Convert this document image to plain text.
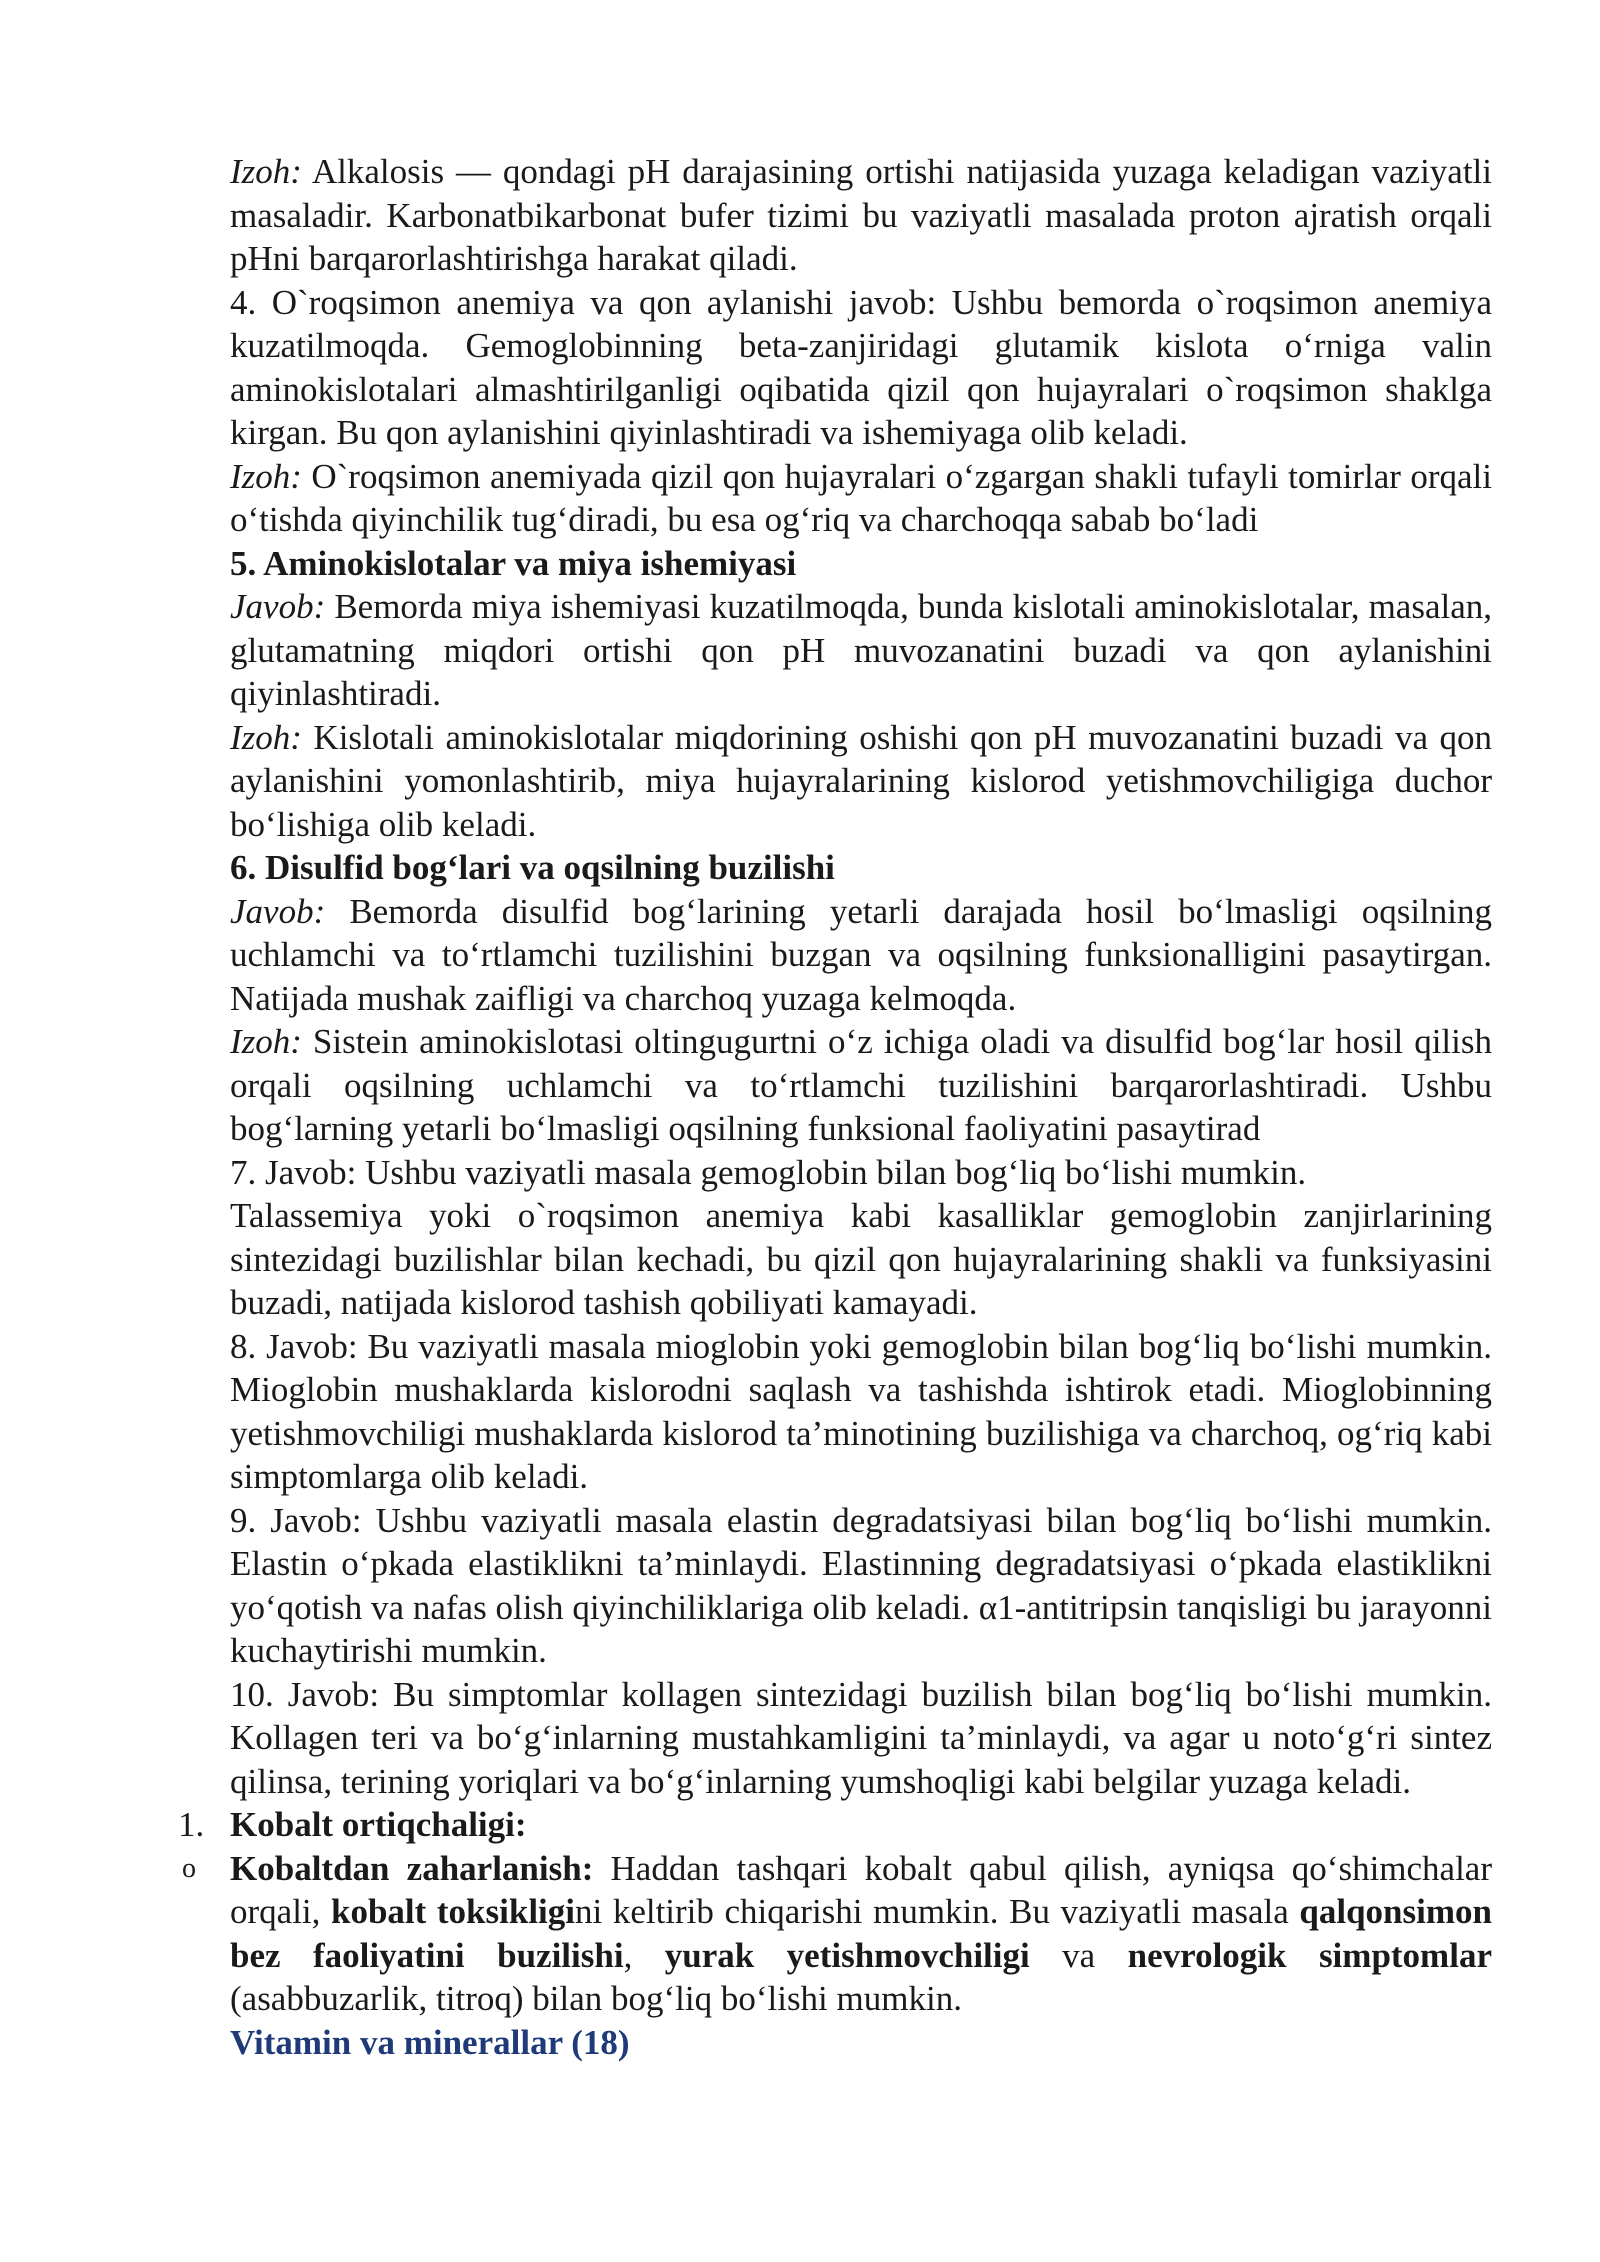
Izoh: Alkalosis — qondagi pH darajasining ortishi natijasida yuzaga keladigan vaziyatli masaladir. Karbonatbikarbonat bufer tizimi bu vaziyatli masalada proton ajratish orqali pHni barqarorlashtirishga harakat qiladi.

4. O`roqsimon anemiya va qon aylanishi javob: Ushbu bemorda o`roqsimon anemiya kuzatilmoqda. Gemoglobinning beta-zanjiridagi glutamik kislota o‘rniga valin aminokislotalari almashtirilganligi oqibatida qizil qon hujayralari o`roqsimon shaklga kirgan. Bu qon aylanishini qiyinlashtiradi va ishemiyaga olib keladi.

Izoh: O`roqsimon anemiyada qizil qon hujayralari o‘zgargan shakli tufayli tomirlar orqali o‘tishda qiyinchilik tug‘diradi, bu esa og‘riq va charchoqqa sabab bo‘ladi

5. Aminokislotalar va miya ishemiyasi

Javob: Bemorda miya ishemiyasi kuzatilmoqda, bunda kislotali aminokislotalar, masalan, glutamatning miqdori ortishi qon pH muvozanatini buzadi va qon aylanishini qiyinlashtiradi.

Izoh: Kislotali aminokislotalar miqdorining oshishi qon pH muvozanatini buzadi va qon aylanishini yomonlashtirib, miya hujayralarining kislorod yetishmovchiligiga duchor bo‘lishiga olib keladi.

6. Disulfid bog‘lari va oqsilning buzilishi

Javob: Bemorda disulfid bog‘larining yetarli darajada hosil bo‘lmasligi oqsilning uchlamchi va to‘rtlamchi tuzilishini buzgan va oqsilning funksionalligini pasaytirgan. Natijada mushak zaifligi va charchoq yuzaga kelmoqda.

Izoh: Sistein aminokislotasi oltingugurtni o‘z ichiga oladi va disulfid bog‘lar hosil qilish orqali oqsilning uchlamchi va to‘rtlamchi tuzilishini barqarorlashtiradi. Ushbu bog‘larning yetarli bo‘lmasligi oqsilning funksional faoliyatini pasaytirad

7. Javob: Ushbu vaziyatli masala gemoglobin bilan bog‘liq bo‘lishi mumkin.

Talassemiya yoki o`roqsimon anemiya kabi kasalliklar gemoglobin zanjirlarining sintezidagi buzilishlar bilan kechadi, bu qizil qon hujayralarining shakli va funksiyasini buzadi, natijada kislorod tashish qobiliyati kamayadi.

8. Javob: Bu vaziyatli masala mioglobin yoki gemoglobin bilan bog‘liq bo‘lishi mumkin. Mioglobin mushaklarda kislorodni saqlash va tashishda ishtirok etadi. Mioglobinning yetishmovchiligi mushaklarda kislorod ta’minotining buzilishiga va charchoq, og‘riq kabi simptomlarga olib keladi.

9. Javob: Ushbu vaziyatli masala elastin degradatsiyasi bilan bog‘liq bo‘lishi mumkin. Elastin o‘pkada elastiklikni ta’minlaydi. Elastinning degradatsiyasi o‘pkada elastiklikni yo‘qotish va nafas olish qiyinchiliklariga olib keladi. α1-antitripsin tanqisligi bu jarayonni kuchaytirishi mumkin.

10. Javob: Bu simptomlar kollagen sintezidagi buzilish bilan bog‘liq bo‘lishi mumkin. Kollagen teri va bo‘g‘inlarning mustahkamligini ta’minlaydi, va agar u noto‘g‘ri sintez qilinsa, terining yoriqlari va bo‘g‘inlarning yumshoqligi kabi belgilar yuzaga keladi.

1. Kobalt ortiqchaligi:

o Kobaltdan zaharlanish: Haddan tashqari kobalt qabul qilish, ayniqsa qo‘shimchalar orqali, kobalt toksikligini keltirib chiqarishi mumkin. Bu vaziyatli masala qalqonsimon bez faoliyatini buzilishi, yurak yetishmovchiligi va nevrologik simptomlar (asabbuzarlik, titroq) bilan bog‘liq bo‘lishi mumkin.

Vitamin va minerallar (18)
